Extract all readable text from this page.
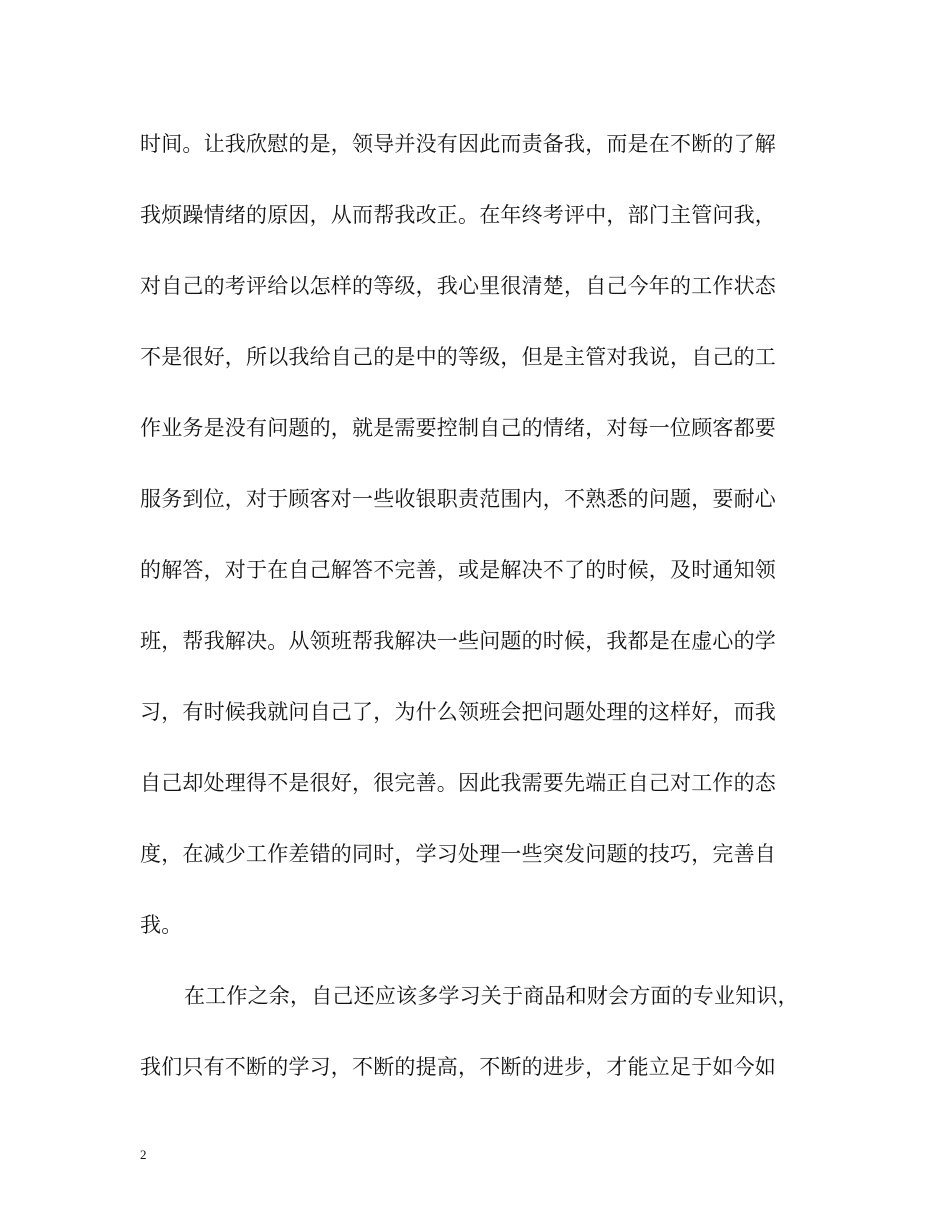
时间。让我欣慰的是，领导并没有因此而责备我，而是在不断的了解
我烦躁情绪的原因，从而帮我改正。在年终考评中，部门主管问我，
对自己的考评给以怎样的等级，我心里很清楚，自己今年的工作状态
不是很好，所以我给自己的是中的等级，但是主管对我说，自己的工
作业务是没有问题的，就是需要控制自己的情绪，对每一位顾客都要
服务到位，对于顾客对一些收银职责范围内，不熟悉的问题，要耐心
的解答，对于在自己解答不完善，或是解决不了的时候，及时通知领
班，帮我解决。从领班帮我解决一些问题的时候，我都是在虚心的学
习，有时候我就问自己了，为什么领班会把问题处理的这样好，而我
自己却处理得不是很好，很完善。因此我需要先端正自己对工作的态
度，在减少工作差错的同时，学习处理一些突发问题的技巧，完善自
我。
在工作之余，自己还应该多学习关于商品和财会方面的专业知识，
我们只有不断的学习，不断的提高，不断的进步，才能立足于如今如
2
